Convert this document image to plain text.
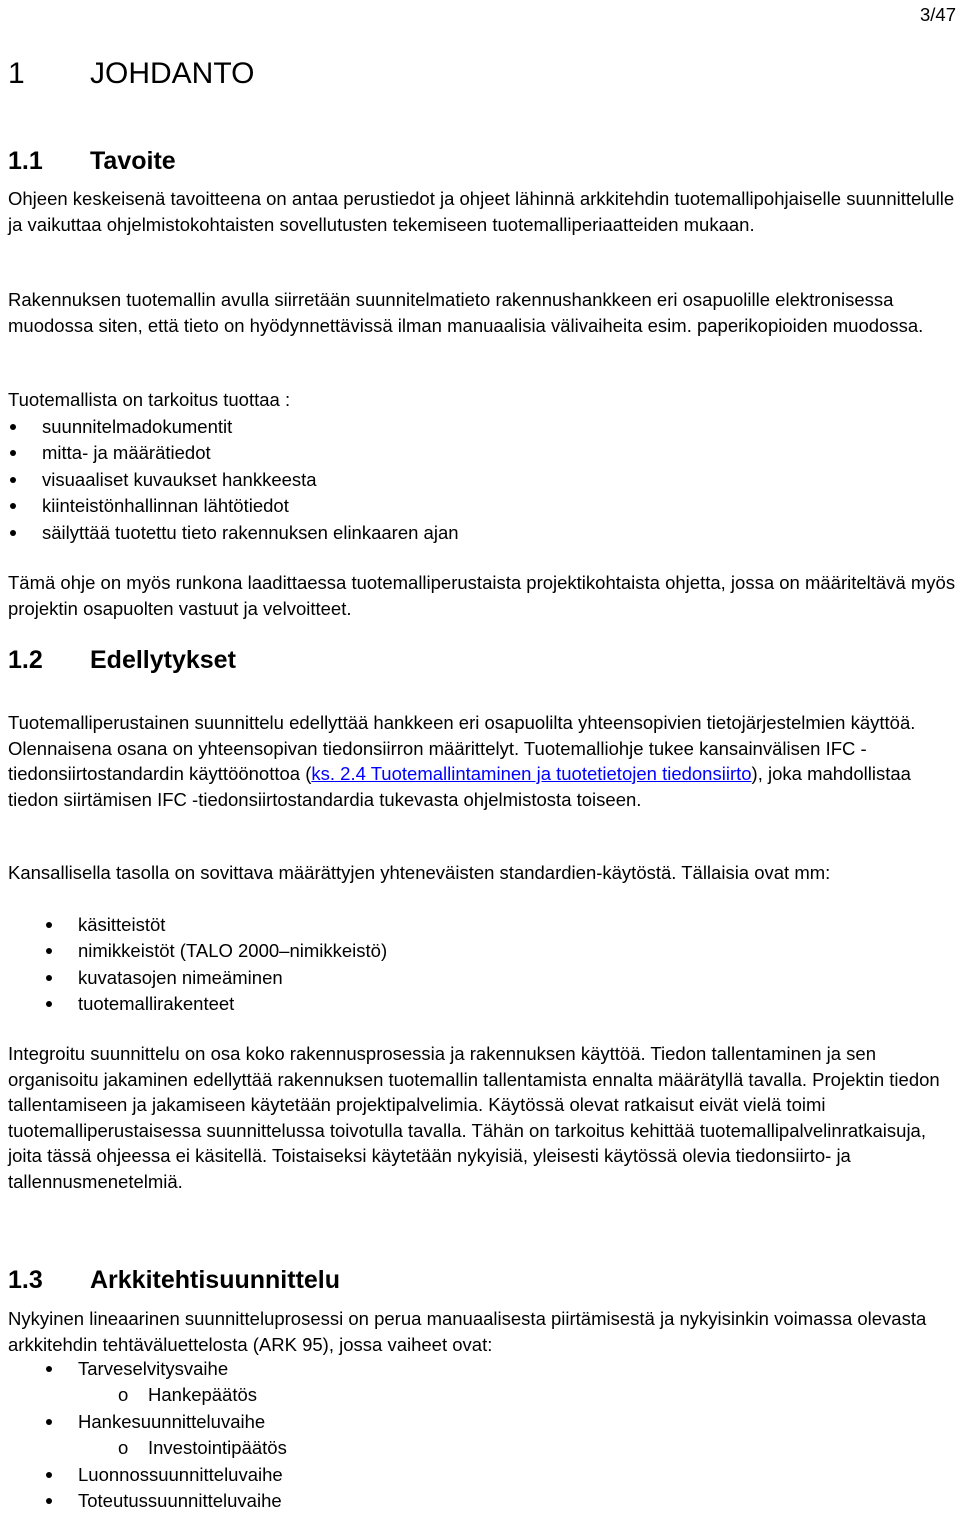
3/47
1 JOHDANTO
1.1 Tavoite

Ohjeen keskeisenä tavoitteena on antaa perustiedot ja ohjeet lähinnä arkkitehdin tuotemallipohjaiselle suunnittelulle ja vaikuttaa ohjelmistokohtaisten sovellutusten tekemiseen tuotemalliperiaatteiden mukaan.

Rakennuksen tuotemallin avulla siirretään suunnitelmatieto rakennushankkeen eri osapuolille elektronisessa muodossa siten, että tieto on hyödynnettävissä ilman manuaalisia välivaiheita esim. paperikopioiden muodossa.

Tuotemallista on tarkoitus tuottaa :

suunnitelmadokumentit
mitta- ja määrätiedot
visuaaliset kuvaukset hankkeesta
kiinteistönhallinnan lähtötiedot
säilyttää tuotettu tieto rakennuksen elinkaaren ajan

Tämä ohje on myös runkona laadittaessa tuotemalliperustaista projektikohtaista ohjetta, jossa on määriteltävä myös projektin osapuolten vastuut ja velvoitteet.

1.2 Edellytykset

Tuotemalliperustainen suunnittelu edellyttää hankkeen eri osapuolilta yhteensopivien tietojärjestelmien käyttöä. Olennaisena osana on yhteensopivan tiedonsiirron määrittelyt. Tuotemalliohje tukee kansainvälisen IFC -tiedonsiirtostandardin käyttöönottoa (ks. 2.4 Tuotemallintaminen ja tuotetietojen tiedonsiirto), joka mahdollistaa tiedon siirtämisen IFC -tiedonsiirtostandardia tukevasta ohjelmistosta toiseen.

Kansallisella tasolla on sovittava määrättyjen yhteneväisten standardien-käytöstä. Tällaisia ovat mm:

käsitteistöt
nimikkeistöt (TALO 2000–nimikkeistö)
kuvatasojen nimeäminen
tuotemallirakenteet

Integroitu suunnittelu on osa koko rakennusprosessia ja rakennuksen käyttöä. Tiedon tallentaminen ja sen organisoitu jakaminen edellyttää rakennuksen tuotemallin tallentamista ennalta määrätyllä tavalla. Projektin tiedon tallentamiseen ja jakamiseen käytetään projektipalvelimia. Käytössä olevat ratkaisut eivät vielä toimi tuotemalliperustaisessa suunnittelussa toivotulla tavalla. Tähän on tarkoitus kehittää tuotemallipalvelinratkaisuja, joita tässä ohjeessa ei käsitellä. Toistaiseksi käytetään nykyisiä, yleisesti käytössä olevia tiedonsiirto- ja tallennusmenetelmiä.

1.3 Arkkitehtisuunnittelu

Nykyinen lineaarinen suunnitteluprosessi on perua manuaalisesta piirtämisestä ja nykyisinkin voimassa olevasta arkkitehdin tehtäväluettelosta (ARK 95), jossa vaiheet ovat:

Tarveselvitysvaihe
o Hankepäätös
Hankesuunnitteluvaihe
o Investointipäätös
Luonnossuunnitteluvaihe
Toteutussuunnitteluvaihe
